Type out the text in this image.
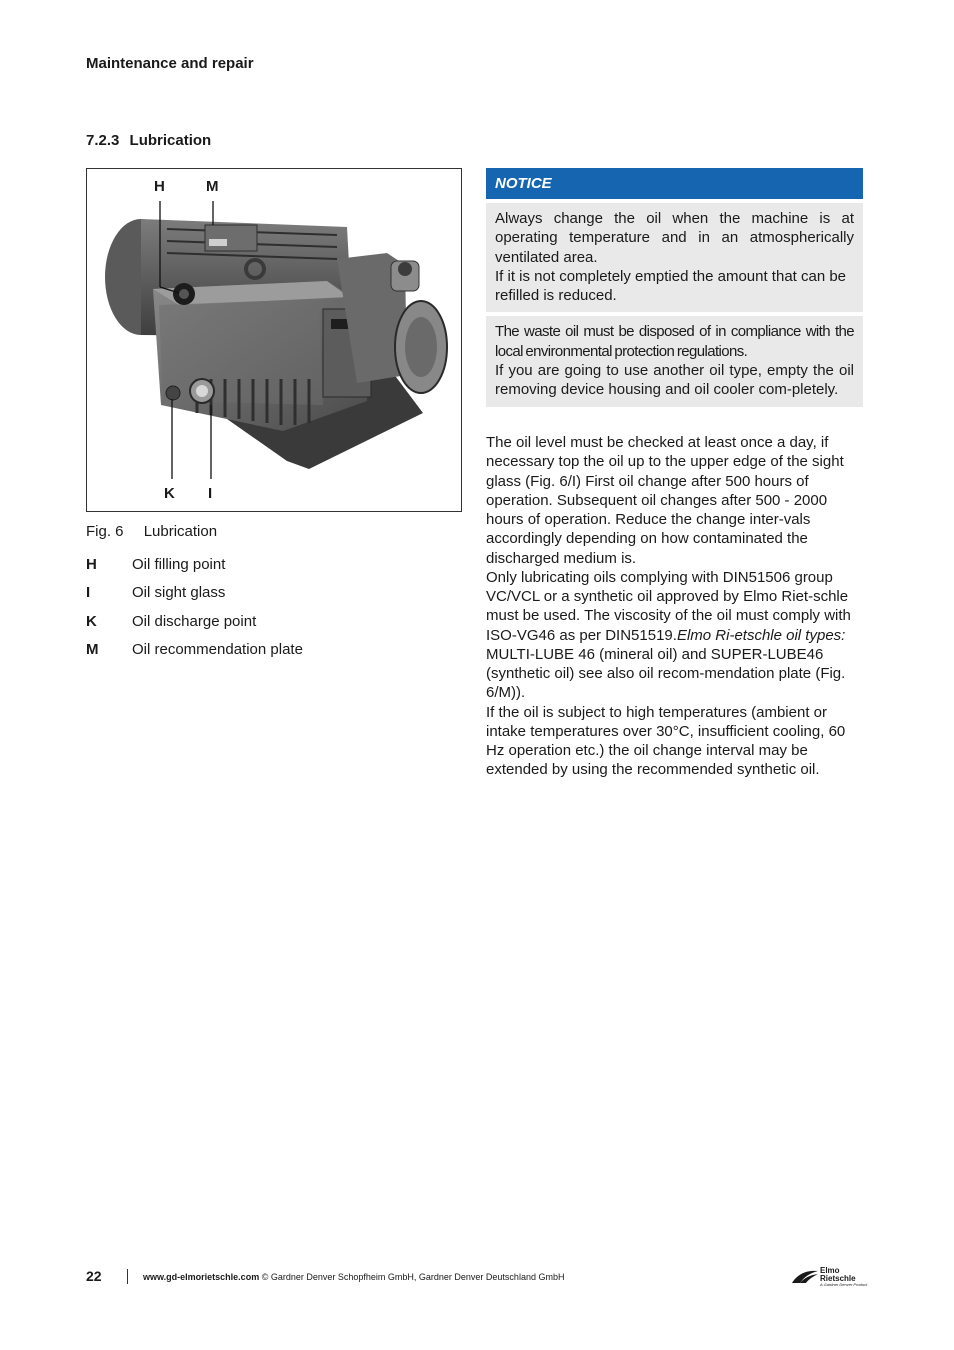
Maintenance and repair
7.2.3 Lubrication
H	M
K I
Fig. 6 Lubrication
H	Oil filling point
I	Oil sight glass
K	Oil discharge point
M	Oil recommendation plate
NOTICE

Always change the oil when the machine is at operating temperature and in an atmospherically ventilated area.

If it is not completely emptied the amount that can be refilled is reduced.

The waste oil must be disposed of in compliance with the local environmental protection regulations.

If you are going to use another oil type, empty the oil removing device housing and oil cooler com-pletely.

The oil level must be checked at least once a day, if necessary top the oil up to the upper edge of the sight glass (Fig. 6/I) First oil change after 500 hours of operation. Subsequent oil changes after 500 - 2000 hours of operation. Reduce the change inter-vals accordingly depending on how contaminated the discharged medium is.

Only lubricating oils complying with DIN51506 group VC/VCL or a synthetic oil approved by Elmo Riet-schle must be used. The viscosity of the oil must comply with ISO-VG46 as per DIN51519.Elmo Ri-etschle oil types: MULTI-LUBE 46 (mineral oil) and SUPER-LUBE46 (synthetic oil) see also oil recom-mendation plate (Fig. 6/M)).

If the oil is subject to high temperatures (ambient or intake temperatures over 30°C, insufficient cooling, 60 Hz operation etc.) the oil change interval may be extended by using the recommended synthetic oil.

22	www.gd-elmorietschle.com © Gardner Denver Schopfheim GmbH, Gardner Denver Deutschland GmbH
Elmo
Rietschle
A Gardner Denver Product
